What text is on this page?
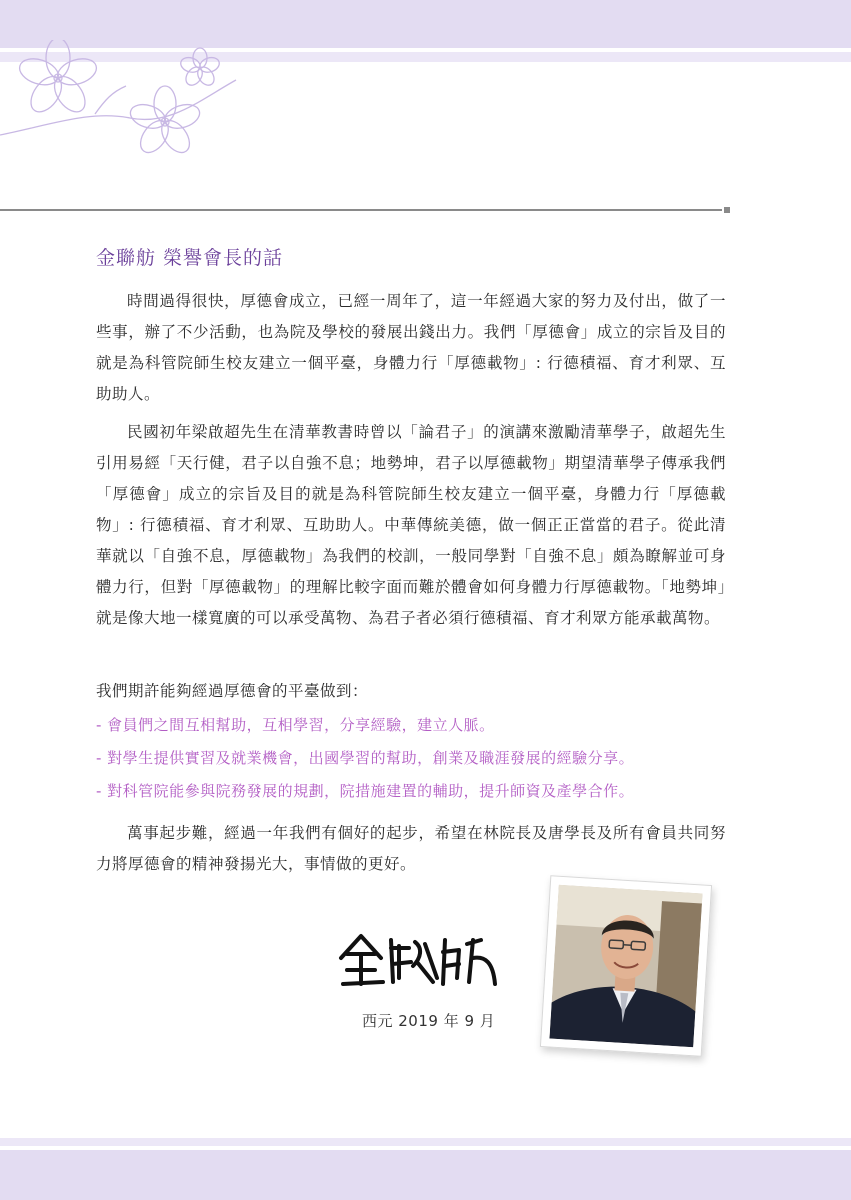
金聯舫 榮譽會長的話

時間過得很快，厚德會成立，已經一周年了，這一年經過大家的努力及付出，做了一些事，辦了不少活動，也為院及學校的發展出錢出力。我們「厚德會」成立的宗旨及目的就是為科管院師生校友建立一個平臺，身體力行「厚德載物」: 行德積福、育才利眾、互助助人。

民國初年梁啟超先生在清華教書時曾以「論君子」的演講來激勵清華學子，啟超先生引用易經「天行健，君子以自強不息；地勢坤，君子以厚德載物」期望清華學子傳承我們「厚德會」成立的宗旨及目的就是為科管院師生校友建立一個平臺，身體力行「厚德載物」: 行德積福、育才利眾、互助助人。中華傳統美德，做一個正正當當的君子。從此清華就以「自強不息，厚德載物」為我們的校訓，一般同學對「自強不息」頗為瞭解並可身體力行，但對「厚德載物」的理解比較字面而難於體會如何身體力行厚德載物。「地勢坤」就是像大地一樣寬廣的可以承受萬物、為君子者必須行德積福、育才利眾方能承載萬物。

我們期許能夠經過厚德會的平臺做到：

- 會員們之間互相幫助，互相學習，分享經驗，建立人脈。
- 對學生提供實習及就業機會，出國學習的幫助，創業及職涯發展的經驗分享。
- 對科管院能參與院務發展的規劃，院措施建置的輔助，提升師資及產學合作。

萬事起步難，經過一年我們有個好的起步，希望在林院長及唐學長及所有會員共同努力將厚德會的精神發揚光大，事情做的更好。

西元 2019 年 9 月
